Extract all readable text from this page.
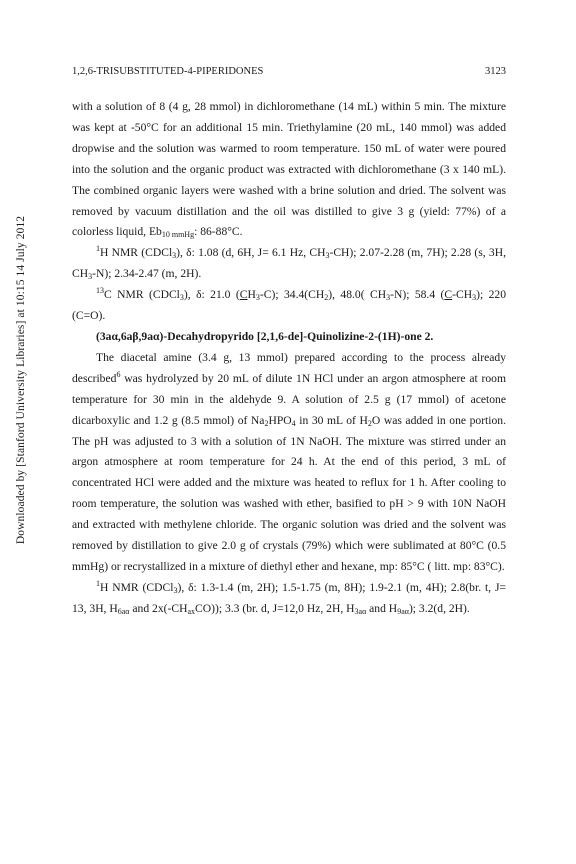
Downloaded by [Stanford University Libraries] at 10:15 14 July 2012
1,2,6-TRISUBSTITUTED-4-PIPERIDONES	3123

with a solution of 8 (4 g, 28 mmol) in dichloromethane (14 mL) within 5 min. The mixture was kept at -50°C for an additional 15 min. Triethylamine (20 mL, 140 mmol) was added dropwise and the solution was warmed to room temperature. 150 mL of water were poured into the solution and the organic product was extracted with dichloromethane (3 x 140 mL). The combined organic layers were washed with a brine solution and dried. The solvent was removed by vacuum distillation and the oil was distilled to give 3 g (yield: 77%) of a colorless liquid, $Eb_{10 mmHg}$: 86-88°C.

$^1$H NMR (CDCl$_3$), δ: 1.08 (d, 6H, J= 6.1 Hz, $CH_3-CH$); 2.07-2.28 (m, 7H); 2.28 (s, 3H, $CH_3-N$); 2.34-2.47 (m, 2H).

$^{13}$C NMR (CDCl$_3$), δ: 21.0 $(CH_3-C)$; $34.4(CH_2)$, 48.0( $CH_3-N$); 58.4 $(C-CH_3)$; 220 (C=O).

(3aα,6aβ,9aα)-Decahydropyrido [2,1,6-de]-Quinolizine-2-(1H)-one 2.

The diacetal amine (3.4 g, 13 mmol) prepared according to the process already described$^6$ was hydrolyzed by 20 mL of dilute 1N HCl under an argon atmosphere at room temperature for 30 min in the aldehyde 9. A solution of 2.5 g (17 mmol) of acetone dicarboxylic and 1.2 g (8.5 mmol) of $Na_2HPO_4$ in 30 mL of $H_2O$ was added in one portion. The pH was adjusted to 3 with a solution of 1N NaOH. The mixture was stirred under an argon atmosphere at room temperature for 24 h. At the end of this period, 3 mL of concentrated HCl were added and the mixture was heated to reflux for 1 h. After cooling to room temperature, the solution was washed with ether, basified to pH > 9 with 10N NaOH and extracted with methylene chloride. The organic solution was dried and the solvent was removed by distillation to give 2.0 g of crystals (79%) which were sublimated at 80°C (0.5 mmHg) or recrystallized in a mixture of diethyl ether and hexane, mp: 85°C ( litt. mp: 83°C).

$^1$H NMR (CDCl$_3$), δ: 1.3-1.4 (m, 2H); 1.5-1.75 (m, 8H); 1.9-2.1 (m, 4H); 2.8(br. t, J= 13, 3H, $H_{6a\alpha}$ and $2x(-CH_{ax}CO)$); 3.3 (br. d, J=12,0 Hz, 2H, $H_{3a\alpha}$ and $H_{9a\alpha}$); 3.2(d, 2H).
